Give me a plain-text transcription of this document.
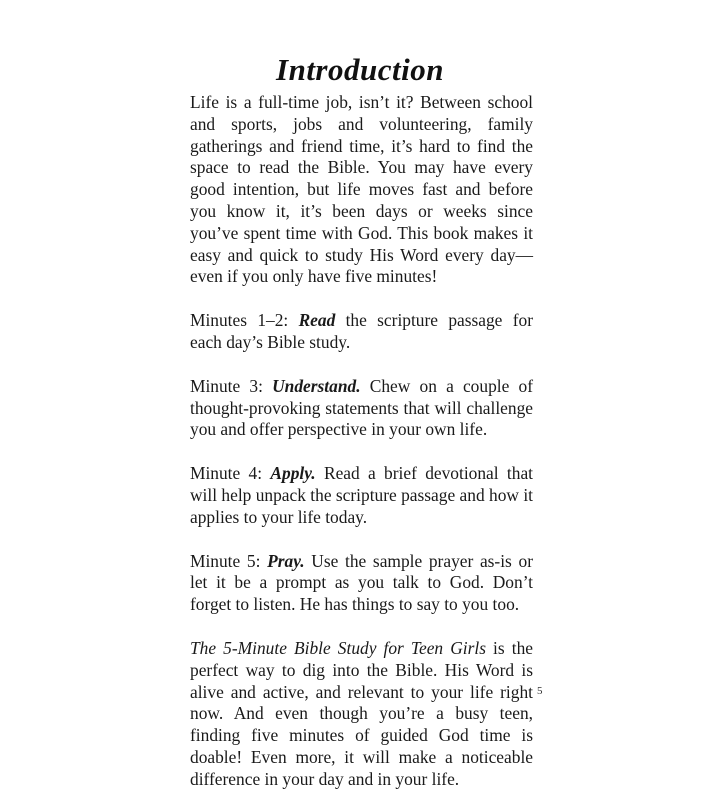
Introduction

Life is a full-time job, isn’t it? Between school and sports, jobs and volunteering, family gatherings and friend time, it’s hard to find the space to read the Bible. You may have every good intention, but life moves fast and before you know it, it’s been days or weeks since you’ve spent time with God. This book makes it easy and quick to study His Word every day—even if you only have five minutes!

Minutes 1–2: Read the scripture passage for each day’s Bible study.

Minute 3: Understand. Chew on a couple of thought-provoking statements that will challenge you and offer perspective in your own life.

Minute 4: Apply. Read a brief devotional that will help unpack the scripture passage and how it applies to your life today.

Minute 5: Pray. Use the sample prayer as-is or let it be a prompt as you talk to God. Don’t forget to listen. He has things to say to you too.

The 5-Minute Bible Study for Teen Girls is the perfect way to dig into the Bible. His Word is alive and active, and relevant to your life right now. And even though you’re a busy teen, finding five minutes of guided God time is doable! Even more, it will make a noticeable difference in your day and in your life.

5
